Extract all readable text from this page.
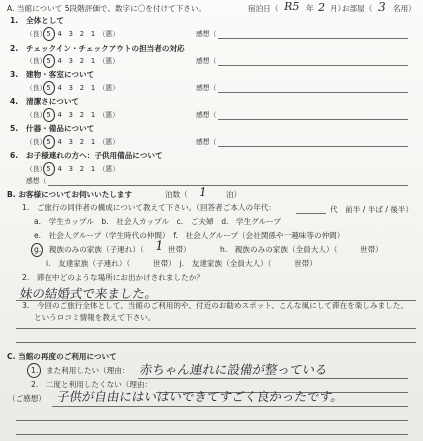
A. 当館について 5段階評価で、数字に〇を付けて下さい。	宿泊日（ R5 年 2 月）
お部屋（ 3 名用）
1. 全体として
（良）5　4　3　2　1　（悪）	感想（
2. チェックイン・チェックアウトの担当者の対応
（良）5　4　3　2　1　（悪）	感想（
3. 建物・客室について
（良）5　4　3　2　1　（悪）	感想（
4. 清潔さについて
（良）5　4　3　2　1　（悪）	感想（
5. 什器・備品について
（良）5　4　3　2　1　（悪）	感想（
6. お子様連れの方へ：子供用備品について
（良）5　4　3　2　1　（悪）
感想（
B. お客様についてお伺いいたします	泊数（ 1 泊）
1.　ご旅行の同伴者の構成について教えて下さい。（回答者ご本人の年代：	代　前半 / 半ば / 後半）
a.　学生カップル　b.　社会人カップル　c.　ご夫婦　d.　学生グループ
e.　社会人グループ（学生時代の仲間）　f.　社会人グループ（会社関係や一趣味等の仲間）
g.　親族のみの家族（子連れ）（ 1 世帯）	h.　親族のみの家族（全員大人）（　　　世帯）
i.　友達家族（子連れ）（　　　世帯）　j.　友達家族（全員大人）（　　　世帯）
2.　滞在中どのような場所にお出かけされましたか？
妹の結婚式で来ました。
3.　今回のご旅行全体として、当館のご利用的や、付近のお勧めスポット、こんな風にして滞在を楽しみました、
というロコミ情報を教えて下さい。
C. 当館の再度のご利用について
1. また利用したい（理由： 赤ちゃん連れに設備が整っている
2.　二度と利用したくない（理由：
（ご感想） 子供が自由にはいはいできてすごく良かったです。
